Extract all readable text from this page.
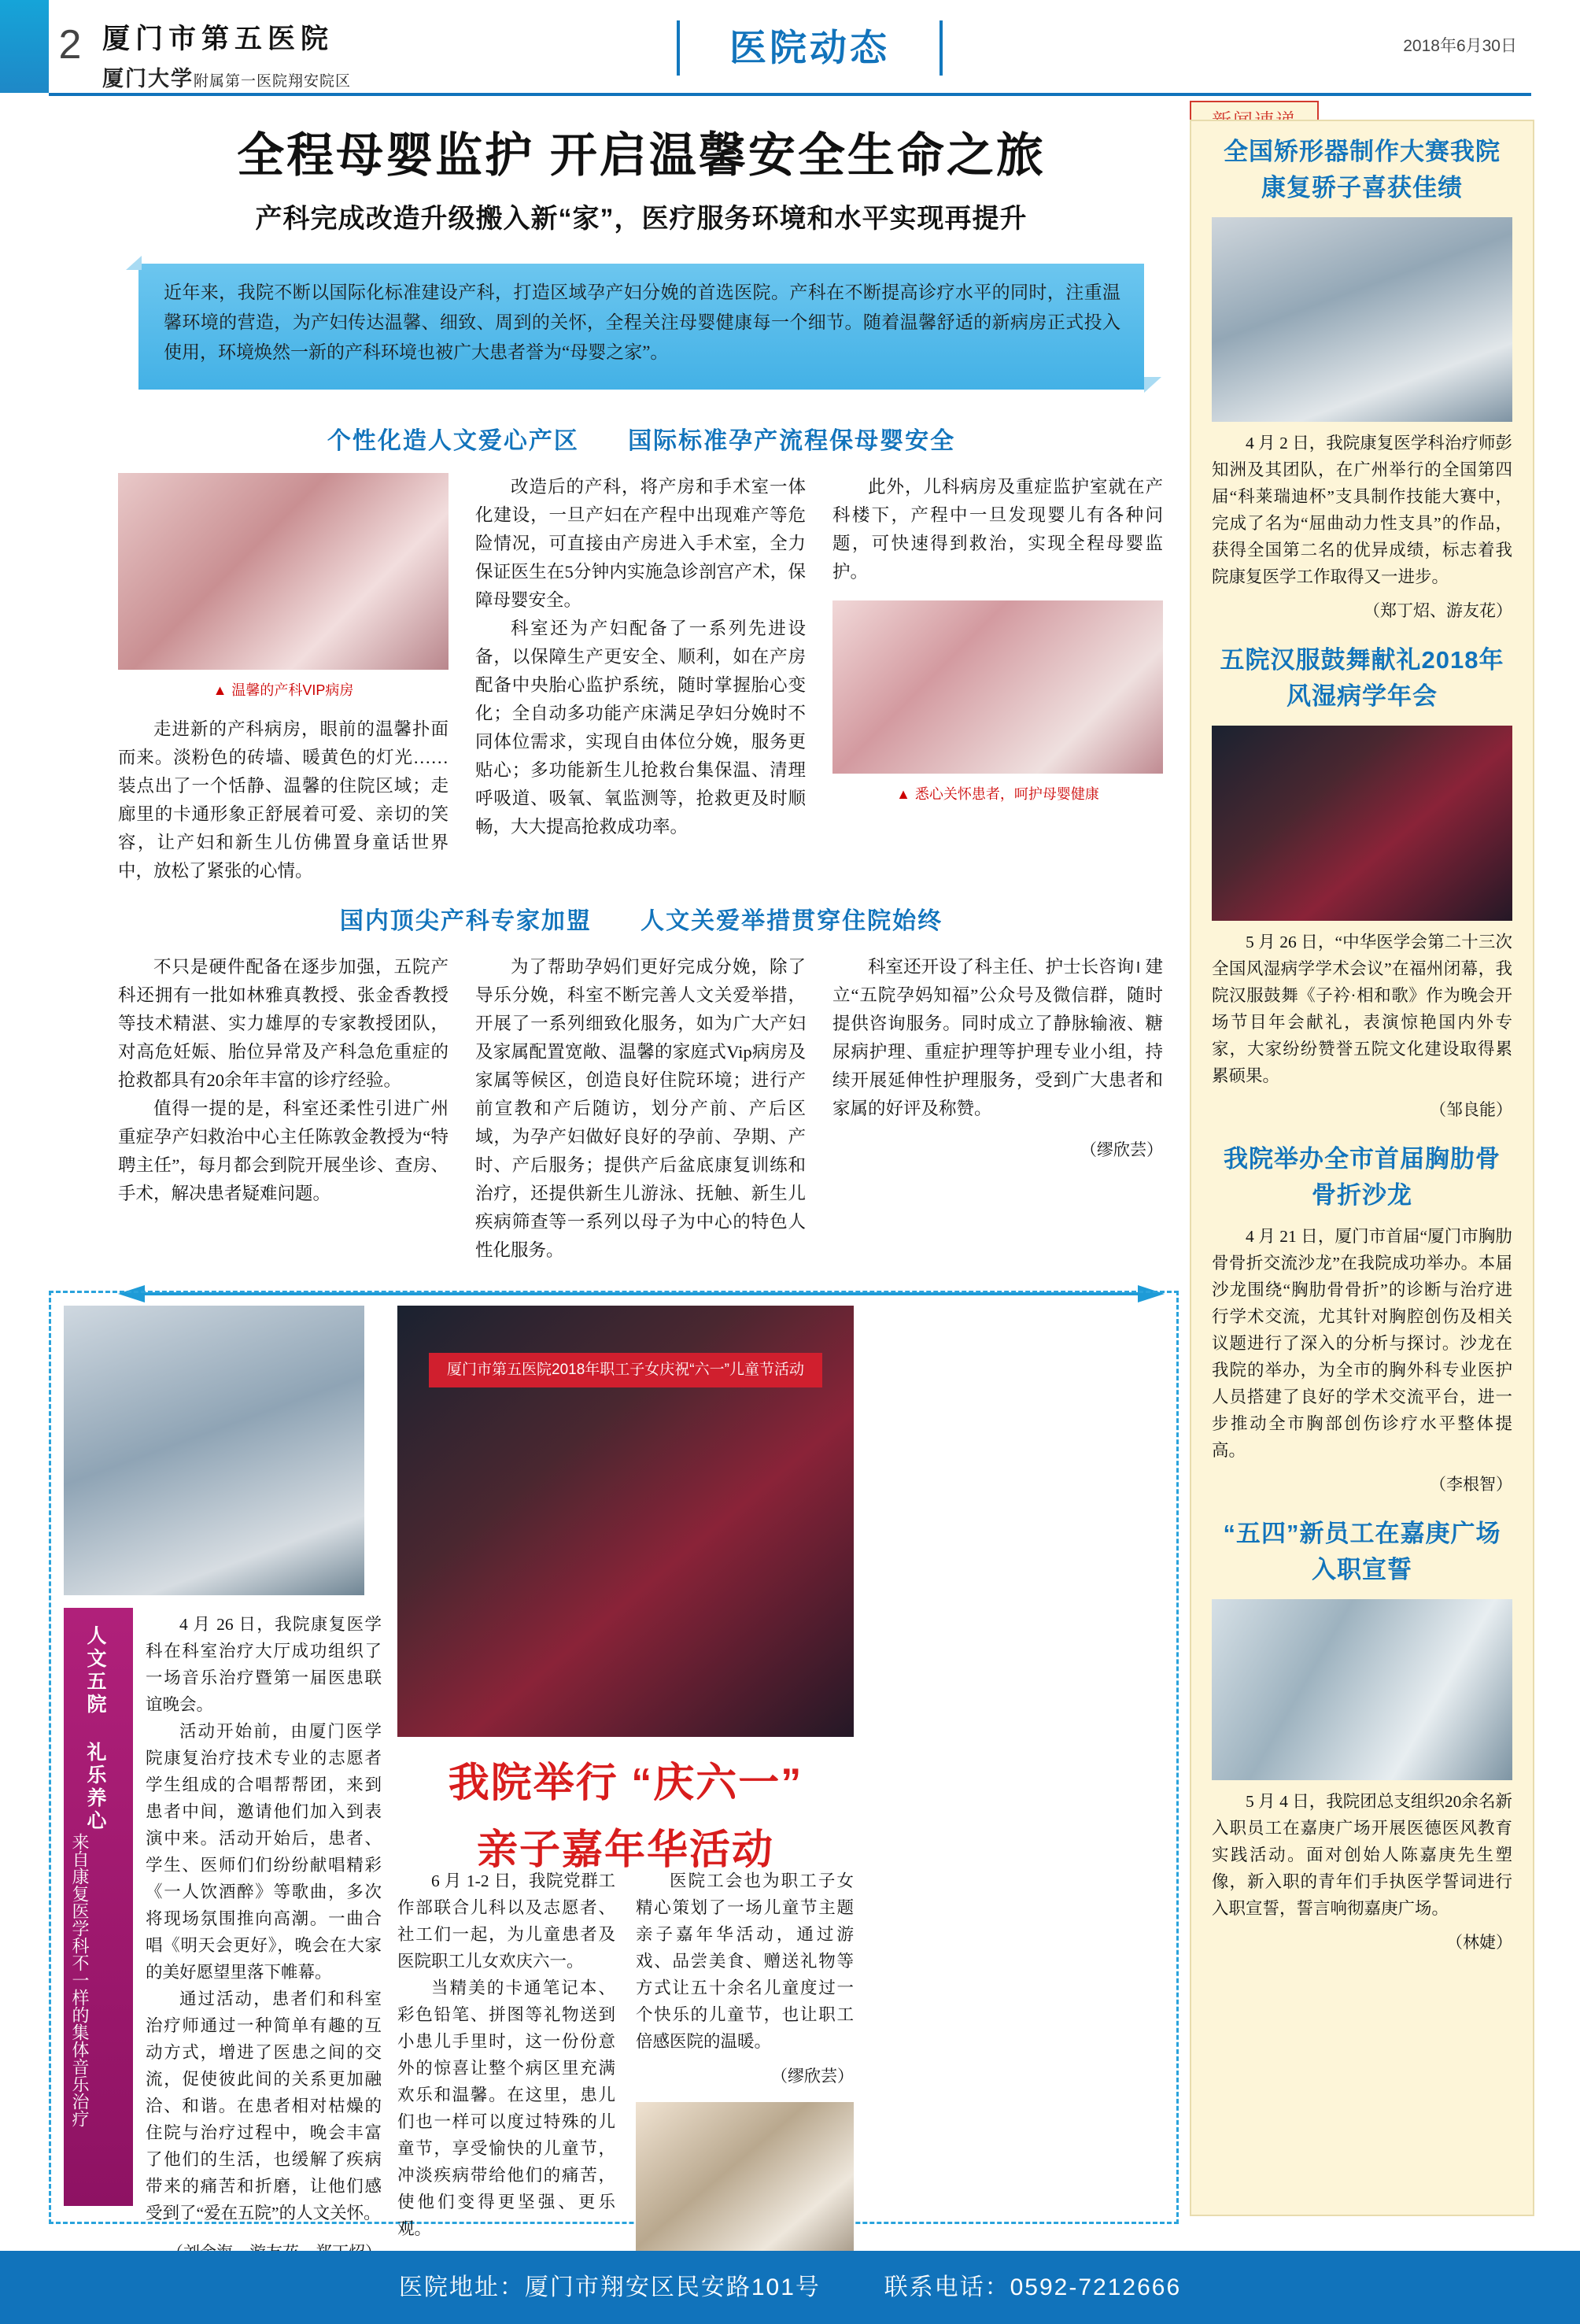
2 厦门市第五医院
厦门大学附属第一医院翔安院区
医院动态	2018年6月30日
全程母婴监护 开启温馨安全生命之旅
产科完成改造升级搬入新“家”，医疗服务环境和水平实现再提升
近年来，我院不断以国际化标准建设产科，打造区域孕产妇分娩的首选医院。产科在不断提高诊疗水平的同时，注重温馨环境的营造，为产妇传达温馨、细致、周到的关怀，全程关注母婴健康每一个细节。随着温馨舒适的新病房正式投入使用，环境焕然一新的产科环境也被广大患者誉为“母婴之家”。
个性化造人文爱心产区 国际标准孕产流程保母婴安全
▲ 温馨的产科VIP病房

走进新的产科病房，眼前的温馨扑面而来。淡粉色的砖墙、暖黄色的灯光……装点出了一个恬静、温馨的住院区域；走廊里的卡通形象正舒展着可爱、亲切的笑容，让产妇和新生儿仿佛置身童话世界中，放松了紧张的心情。

改造后的产科，将产房和手术室一体化建设，一旦产妇在产程中出现难产等危险情况，可直接由产房进入手术室，全力保证医生在5分钟内实施急诊剖宫产术，保障母婴安全。

科室还为产妇配备了一系列先进设备，以保障生产更安全、顺利，如在产房配备中央胎心监护系统，随时掌握胎心变化；全自动多功能产床满足孕妇分娩时不同体位需求，实现自由体位分娩，服务更贴心；多功能新生儿抢救台集保温、清理呼吸道、吸氧、氧监测等，抢救更及时顺畅，大大提高抢救成功率。

此外，儿科病房及重症监护室就在产科楼下，产程中一旦发现婴儿有各种问题，可快速得到救治，实现全程母婴监护。

▲ 悉心关怀患者，呵护母婴健康
国内顶尖产科专家加盟 人文关爱举措贯穿住院始终

不只是硬件配备在逐步加强，五院产科还拥有一批如林雅真教授、张金香教授等技术精湛、实力雄厚的专家教授团队，对高危妊娠、胎位异常及产科急危重症的抢救都具有20余年丰富的诊疗经验。

值得一提的是，科室还柔性引进广州重症孕产妇救治中心主任陈敦金教授为“特聘主任”，每月都会到院开展坐诊、查房、手术，解决患者疑难问题。

为了帮助孕妈们更好完成分娩，除了导乐分娩，科室不断完善人文关爱举措，开展了一系列细致化服务，如为广大产妇及家属配置宽敞、温馨的家庭式Vip病房及家属等候区，创造良好住院环境；进行产前宣教和产后随访，划分产前、产后区域，为孕产妇做好良好的孕前、孕期、产时、产后服务；提供产后盆底康复训练和治疗，还提供新生儿游泳、抚触、新生儿疾病筛查等一系列以母子为中心的特色人性化服务。

科室还开设了科主任、护士长咨询। 建立“五院孕妈知福”公众号及微信群，随时提供咨询服务。同时成立了静脉输液、糖尿病护理、重症护理等护理专业小组，持续开展延伸性护理服务，受到广大患者和家属的好评及称赞。

（缪欣芸）
人文五院 礼乐养心
来自康复医学科不一样的集体音乐治疗

4 月 26 日，我院康复医学科在科室治疗大厅成功组织了一场音乐治疗暨第一届医患联谊晚会。

活动开始前，由厦门医学院康复治疗技术专业的志愿者学生组成的合唱帮帮团，来到患者中间，邀请他们加入到表演中来。活动开始后，患者、学生、医师们们纷纷献唱精彩《一人饮酒醉》等歌曲，多次将现场氛围推向高潮。一曲合唱《明天会更好》，晚会在大家的美好愿望里落下帷幕。

通过活动，患者们和科室治疗师通过一种简单有趣的互动方式，增进了医患之间的交流，促使彼此间的关系更加融洽、和谐。在患者相对枯燥的住院与治疗过程中，晚会丰富了他们的生活，也缓解了疾病带来的痛苦和折磨，让他们感受到了“爱在五院”的人文关怀。

厦门市第五医院2018年职工子女庆祝“六一”儿童节活动
我院举行 “庆六一”
亲子嘉年华活动

6 月 1-2 日，我院党群工作部联合儿科以及志愿者、社工们一起，为儿童患者及医院职工儿女欢庆六一。

当精美的卡通笔记本、彩色铅笔、拼图等礼物送到小患儿手里时，这一份份意外的惊喜让整个病区里充满欢乐和温馨。在这里，患儿们也一样可以度过特殊的儿童节，享受愉快的儿童节，冲淡疾病带给他们的痛苦，使他们变得更坚强、更乐观。

医院工会也为职工子女精心策划了一场儿童节主题亲子嘉年华活动，通过游戏、品尝美食、赠送礼物等方式让五十余名儿童度过一个快乐的儿童节，也让职工倍感医院的温暖。

（缪欣芸）
全国矫形器制作大赛我院康复骄子喜获佳绩

4 月 2 日，我院康复医学科治疗师彭知洲及其团队，在广州举行的全国第四届“科莱瑞迪杯”支具制作技能大赛中，完成了名为“屈曲动力性支具”的作品，获得全国第二名的优异成绩，标志着我院康复医学工作取得又一进步。

（郑丁炤、游友花）
五院汉服鼓舞献礼2018年风湿病学年会

5 月 26 日，“中华医学会第二十三次全国风湿病学学术会议”在福州闭幕，我院汉服鼓舞《子衿·相和歌》作为晚会开场节目年会献礼，表演惊艳国内外专家，大家纷纷赞誉五院文化建设取得累累硕果。

（邹良能）
我院举办全市首届胸肋骨骨折沙龙

4 月 21 日，厦门市首届“厦门市胸肋骨骨折交流沙龙”在我院成功举办。本届沙龙围绕“胸肋骨骨折”的诊断与治疗进行学术交流，尤其针对胸腔创伤及相关议题进行了深入的分析与探讨。沙龙在我院的举办，为全市的胸外科专业医护人员搭建了良好的学术交流平台，进一步推动全市胸部创伤诊疗水平整体提高。

（李根智）
“五四”新员工在嘉庚广场入职宣誓

5 月 4 日，我院团总支组织20余名新入职员工在嘉庚广场开展医德医风教育实践活动。面对创始人陈嘉庚先生塑像，新入职的青年们手执医学誓词进行入职宣誓，誓言响彻嘉庚广场。

（林婕）
医院地址：厦门市翔安区民安路101号	联系电话：0592-7212666
